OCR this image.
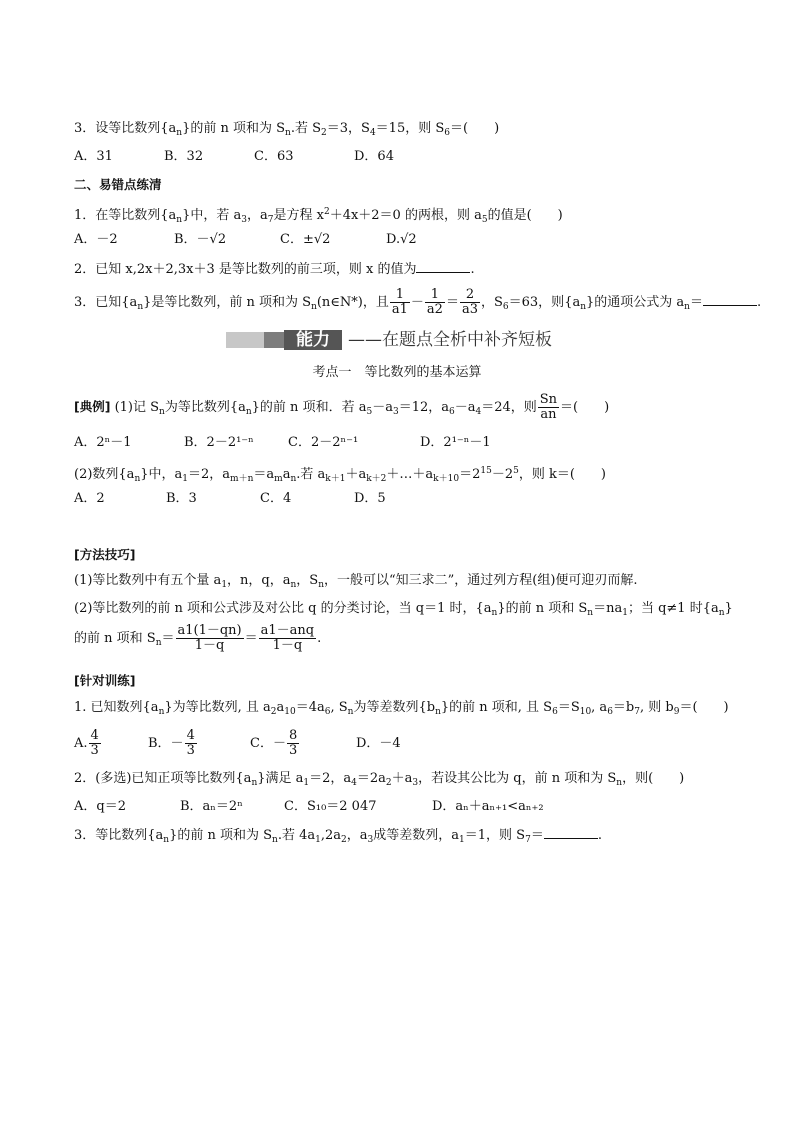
3．设等比数列$\{a_n\}$的前 n 项和为 $S_n$.若 $S_2=3$，$S_4=15$，则 $S_6=$(　　)
A．31	B．32	C．63	D．64
二、易错点练清
1．在等比数列$\{a_n\}$中，若 $a_3$，$a_7$是方程 $x^2+4x+2=0$ 的两根，则 $a_5$的值是(　　)
A．－2	B．－√2	C．±√2	D.√2
2．已知 x,2x＋2,3x＋3 是等比数列的前三项，则 x 的值为	.
3．已知$\{a_n\}$是等比数列，前 n 项和为 $S_n(n\in N*)$，且 $\frac{1}{a1} - \frac{1}{a2} = \frac{2}{a3}$ ，$S_6=63$，则$\{a_n\}$的通项公式为 $a_n=$	.
能力	——在题点全析中补齐短板
考点一　等比数列的基本运算
[典例] (1)记 $S_n$为等比数列$\{a_n\}$的前 n 项和．若 $a_5-a_3=12$，$a_6-a_4=24$，则 $\frac{Sn}{an}$ ＝(　　)
A．2ⁿ－1	B．2－2¹⁻ⁿ	C．2－2ⁿ⁻¹	D．2¹⁻ⁿ－1
(2)数列$\{a_n\}$中，$a_1=2$，$a_{m+n}=a_ma_n$.若 $a_{k+1}+a_{k+2}+\dots+a_{k+10}=2^{15}-2^5$，则 k＝(　　)
A．2	B．3	C．4	D．5
[方法技巧]
(1)等比数列中有五个量 $a_1$，n，q，$a_n$，$S_n$，一般可以“知三求二”，通过列方程(组)便可迎刃而解.
(2)等比数列的前 n 项和公式涉及对公比 q 的分类讨论，当 q＝1 时，$\{a_n\}$的前 n 项和 $S_n=na_1$；当 q≠1 时$\{a_n\}$
的前 n 项和 $S_n= \frac{a1(1-qn)}{1-q} = \frac{\text{a1－anq}}{1-q}$ .
[针对训练]
1. 已知数列$\{a_n\}$为等比数列, 且 $a_2a_{10}=4a_6$, $S_n$为等差数列$\{b_n\}$的前 n 项和, 且 $S_6=S_{10}$, $a_6=b_7$, 则 $b_9=$(　　)
A. $\frac{4}{3}$	B．－ $\frac{4}{3}$	C．－ $\frac{8}{3}$	D．－4
2．(多选)已知正项等比数列$\{a_n\}$满足 $a_1=2$，$a_4=2a_2+a_3$，若设其公比为 q，前 n 项和为 $S_n$，则(　　)
A．q＝2	B．aₙ＝2ⁿ	C．S₁₀＝2 047	D．aₙ＋aₙ₊₁<aₙ₊₂
3．等比数列$\{a_n\}$的前 n 项和为 $S_n$.若 $4a_1,2a_2$，$a_3$成等差数列，$a_1=1$，则 $S_7=$	.
